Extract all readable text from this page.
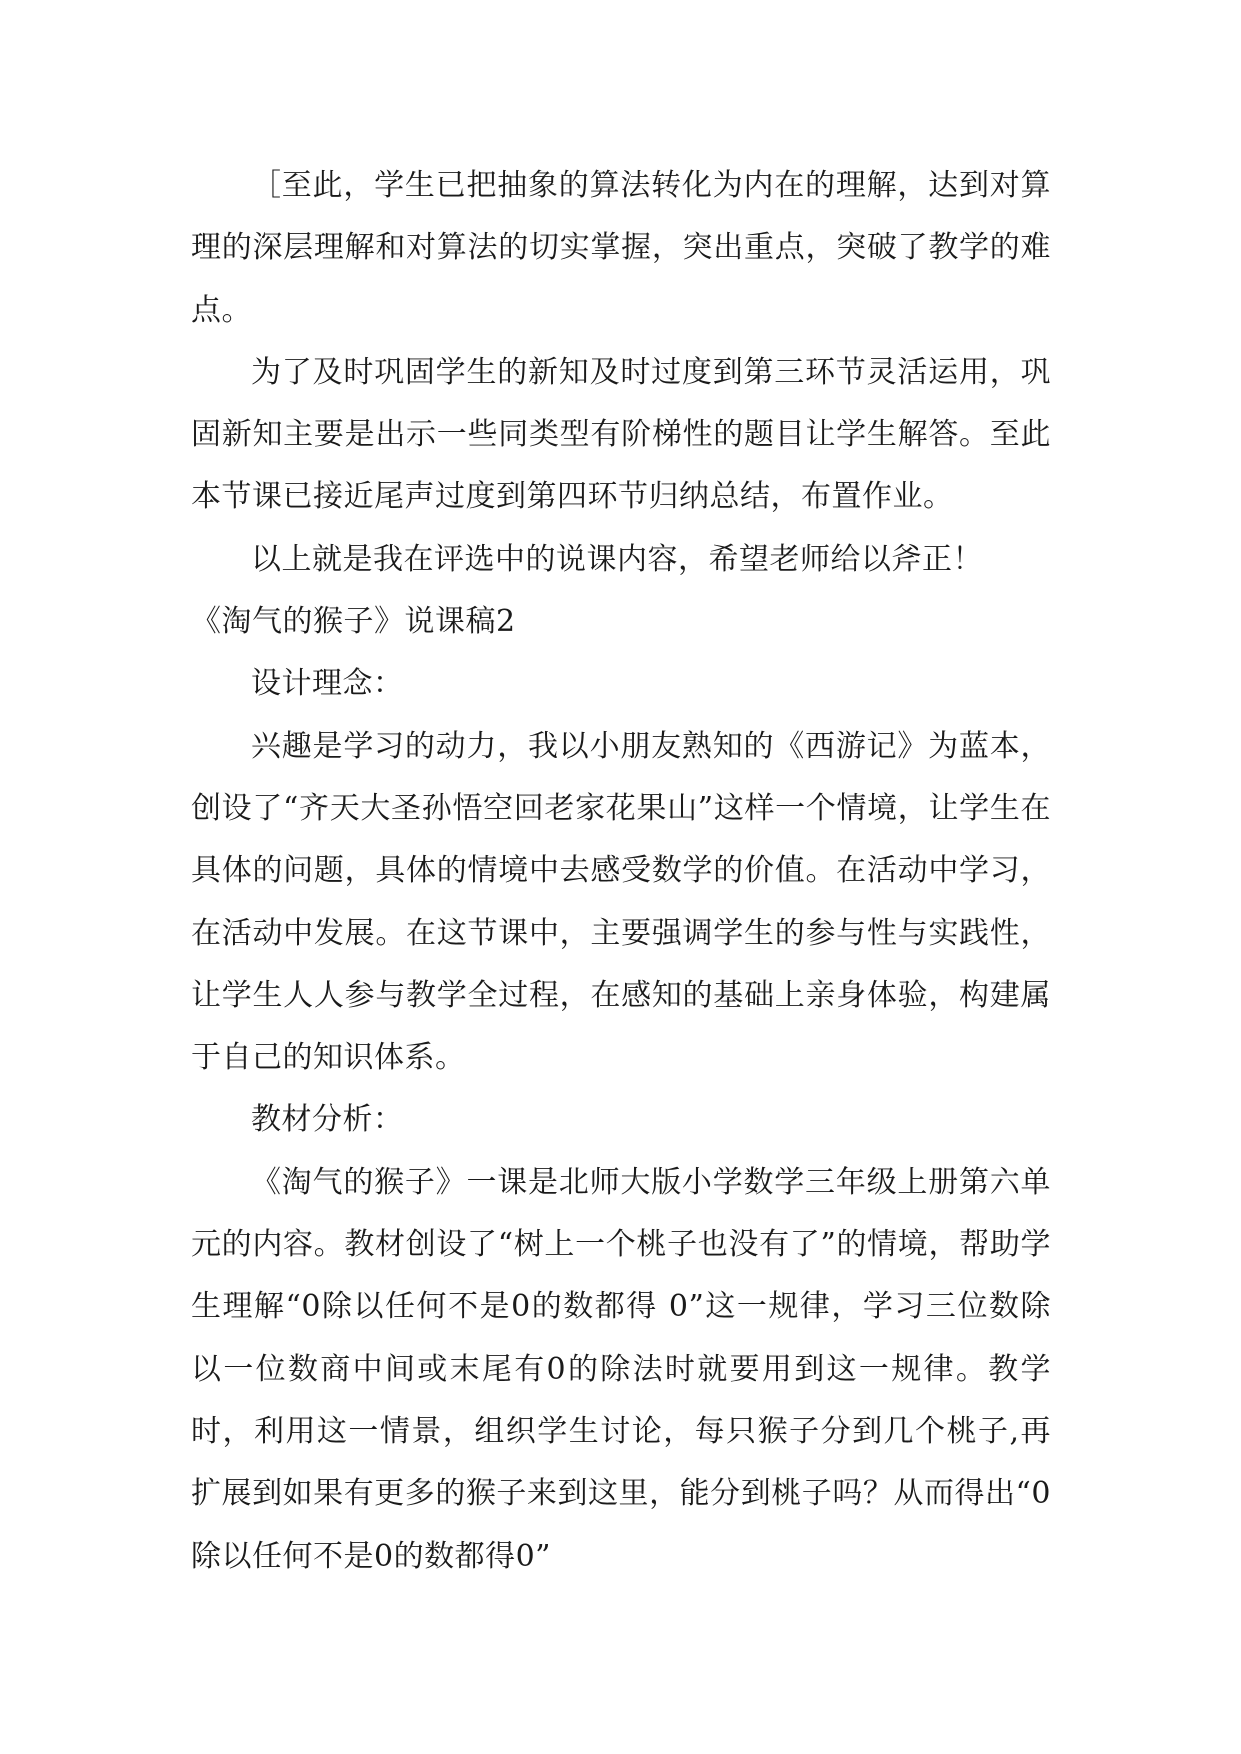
［至此，学生已把抽象的算法转化为内在的理解，达到对算理的深层理解和对算法的切实掌握，突出重点，突破了教学的难点。

为了及时巩固学生的新知及时过度到第三环节灵活运用，巩固新知主要是出示一些同类型有阶梯性的题目让学生解答。至此本节课已接近尾声过度到第四环节归纳总结，布置作业。

以上就是我在评选中的说课内容，希望老师给以斧正！

《淘气的猴子》说课稿2

设计理念：

兴趣是学习的动力，我以小朋友熟知的《西游记》为蓝本，创设了“齐天大圣孙悟空回老家花果山”这样一个情境，让学生在具体的问题，具体的情境中去感受数学的价值。在活动中学习，在活动中发展。在这节课中，主要强调学生的参与性与实践性，让学生人人参与教学全过程，在感知的基础上亲身体验，构建属于自己的知识体系。

教材分析：

《淘气的猴子》一课是北师大版小学数学三年级上册第六单元的内容。教材创设了“树上一个桃子也没有了”的情境，帮助学生理解“0除以任何不是0的数都得 0”这一规律，学习三位数除以一位数商中间或末尾有0的除法时就要用到这一规律。教学时，利用这一情景，组织学生讨论，每只猴子分到几个桃子,再扩展到如果有更多的猴子来到这里，能分到桃子吗？从而得出“0除以任何不是0的数都得0”
